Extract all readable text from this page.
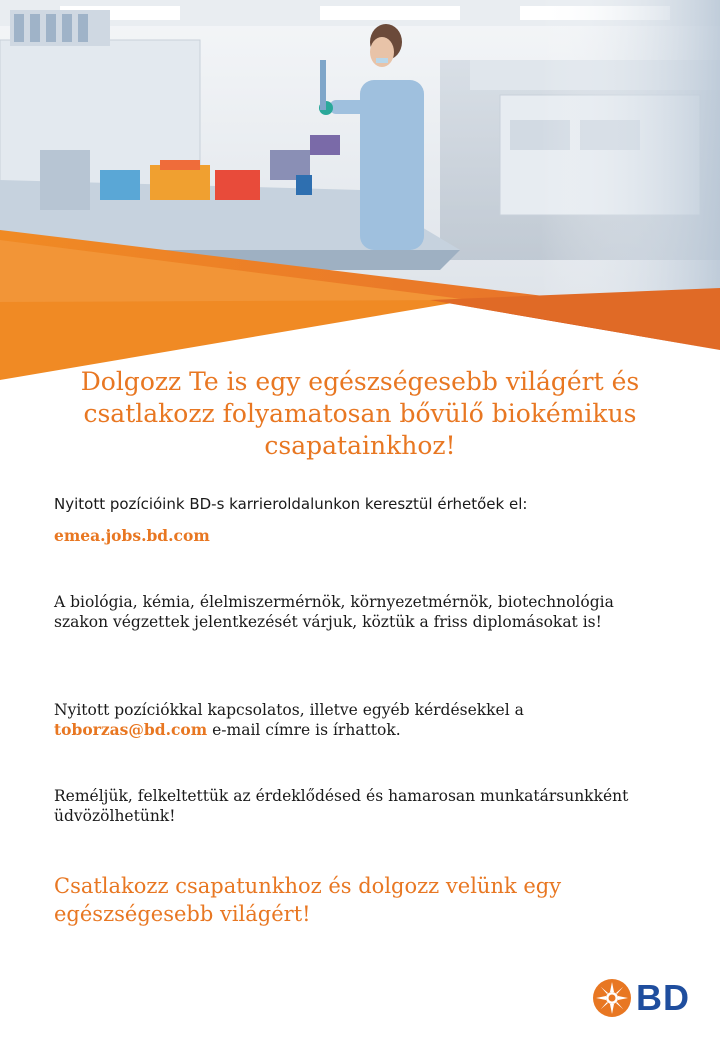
Dolgozz Te is egy egészségesebb világért és csatlakozz folyamatosan bővülő biokémikus csapatainkhoz!

Nyitott pozícióink BD-s karrieroldalunkon keresztül érhetőek el:

emea.jobs.bd.com

A biológia, kémia, élelmiszermérnök, környezetmérnök, biotechnológia szakon végzettek jelentkezését várjuk, köztük a friss diplomásokat is!

Nyitott pozíciókkal kapcsolatos, illetve egyéb kérdésekkel a
toborzas@bd.com e-mail címre is írhattok.

Reméljük, felkeltettük az érdeklődésed és hamarosan munkatársunkként üdvözölhetünk!

Csatlakozz csapatunkhoz és dolgozz velünk egy egészségesebb világért!

BD
